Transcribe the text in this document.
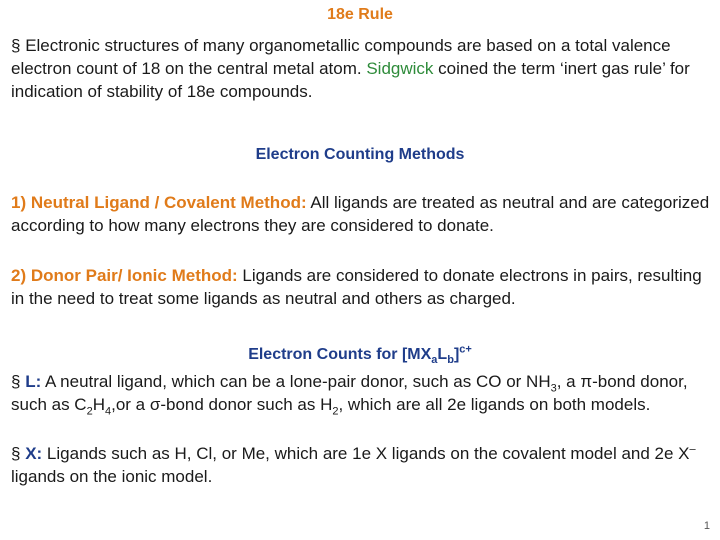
18e Rule
§ Electronic structures of many organometallic compounds are based on a total valence electron count of 18 on the central metal atom. Sidgwick coined the term ‘inert gas rule’ for indication of stability of 18e compounds.
Electron Counting Methods
1) Neutral Ligand / Covalent Method: All ligands are treated as neutral and are categorized according to how many electrons they are considered to donate.
2) Donor Pair/ Ionic Method: Ligands are considered to donate electrons in pairs, resulting in the need to treat some ligands as neutral and others as charged.
Electron Counts for $[MX_aL_b]^{c+}$
§ L: A neutral ligand, which can be a lone-pair donor, such as CO or $NH_3$, a π-bond donor, such as $C_2H_4,or$ a σ-bond donor such as $H_2$, which are all 2e ligands on both models.
§ X: Ligands such as H, Cl, or Me, which are 1e X ligands on the covalent model and 2e X– ligands on the ionic model.
1
